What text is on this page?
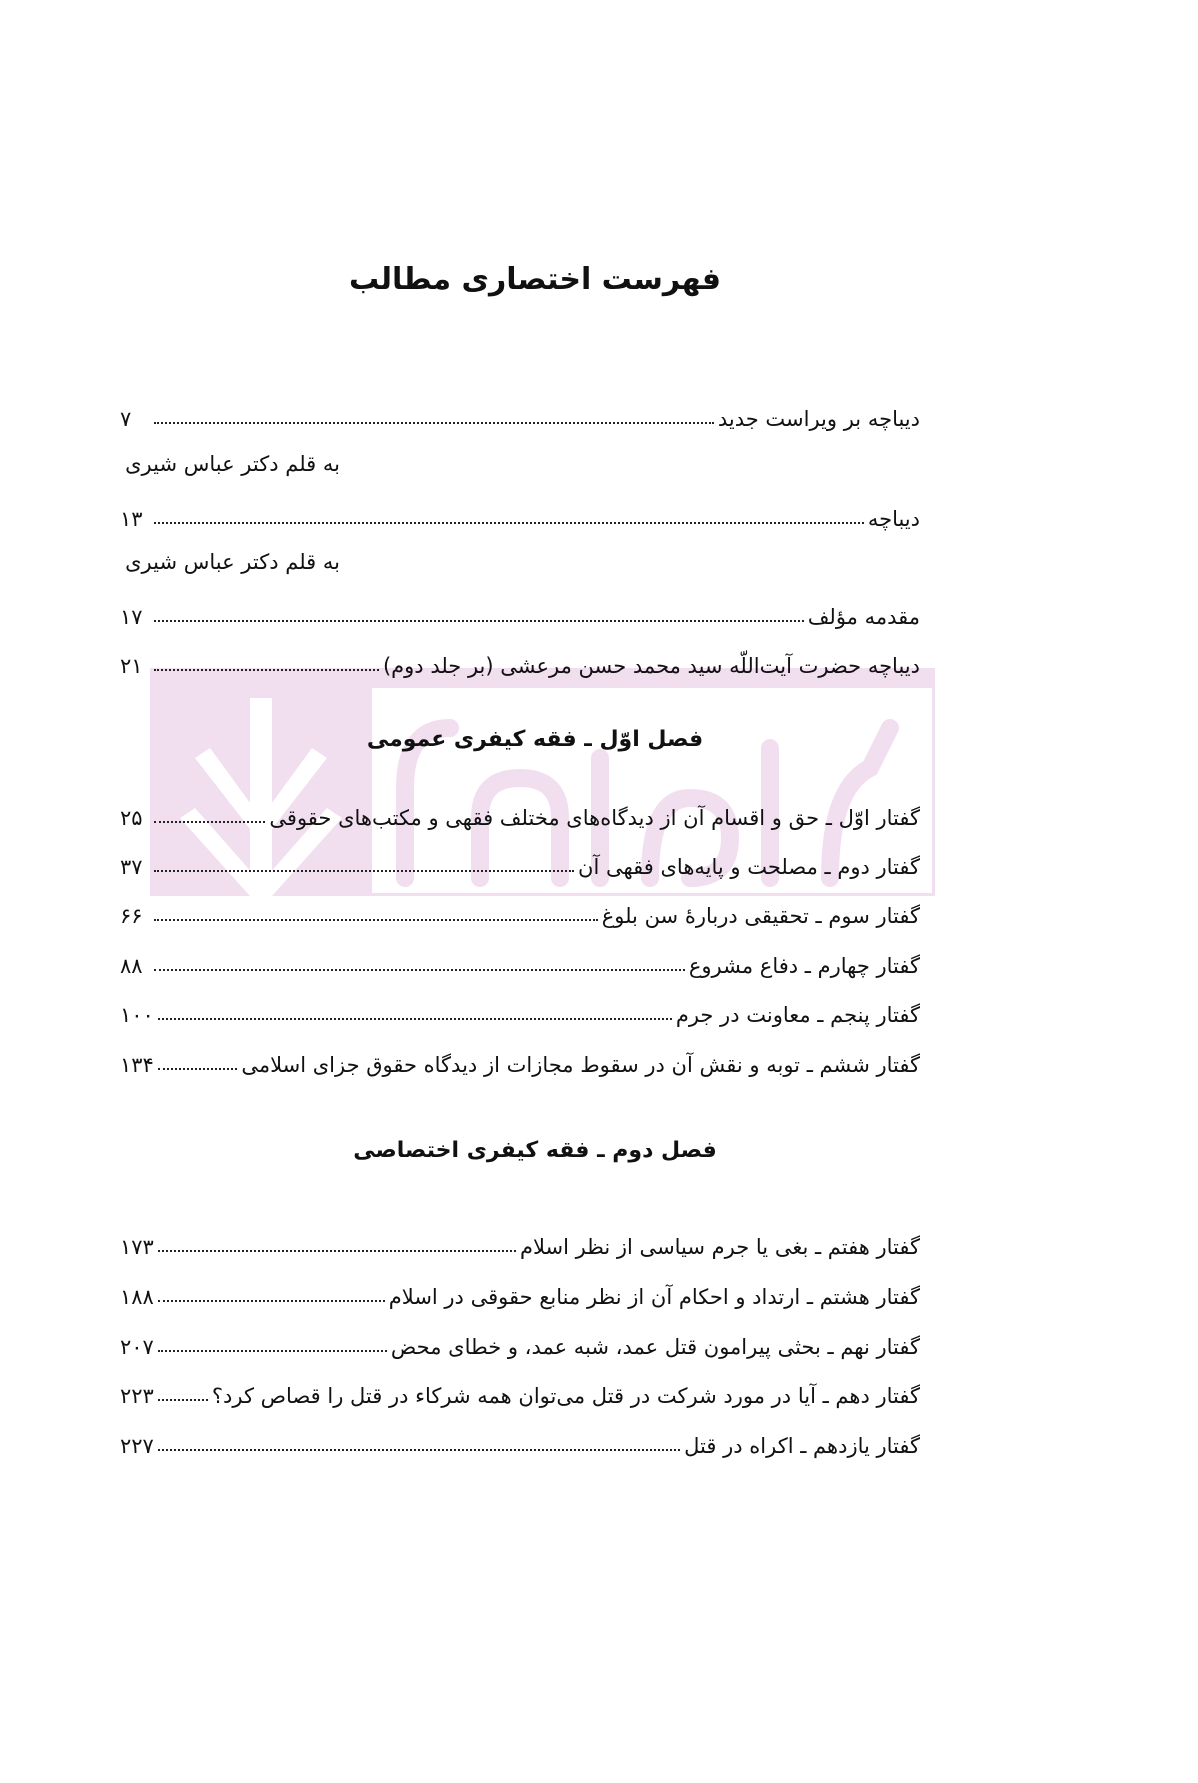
فهرست اختصاری مطالب
دیباچه بر ویراست جدید
۷
به قلم دکتر عباس شیری
دیباچه
۱۳
به قلم دکتر عباس شیری
مقدمه مؤلف
۱۷
دیباچه حضرت آیت‌اللّه سید محمد حسن مرعشی (بر جلد دوم)
۲۱
فصل اوّل ـ فقه کیفری عمومی
گفتار اوّل ـ حق و اقسام آن از دیدگاه‌های مختلف فقهی و مکتب‌های حقوقی
۲۵
گفتار دوم ـ مصلحت و پایه‌های فقهی آن
۳۷
گفتار سوم ـ تحقیقی دربارهٔ سن بلوغ
۶۶
گفتار چهارم ـ دفاع مشروع
۸۸
گفتار پنجم ـ معاونت در جرم
۱۰۰
گفتار ششم ـ توبه و نقش آن در سقوط مجازات از دیدگاه حقوق جزای اسلامی
۱۳۴
فصل دوم ـ فقه کیفری اختصاصی
گفتار هفتم ـ بغی یا جرم سیاسی از نظر اسلام
۱۷۳
گفتار هشتم ـ ارتداد و احکام آن از نظر منابع حقوقی در اسلام
۱۸۸
گفتار نهم ـ بحثی پیرامون قتل عمد، شبه عمد، و خطای محض
۲۰۷
گفتار دهم ـ آیا در مورد شرکت در قتل می‌توان همه شرکاء در قتل را قصاص کرد؟
۲۲۳
گفتار یازدهم ـ اکراه در قتل
۲۲۷
